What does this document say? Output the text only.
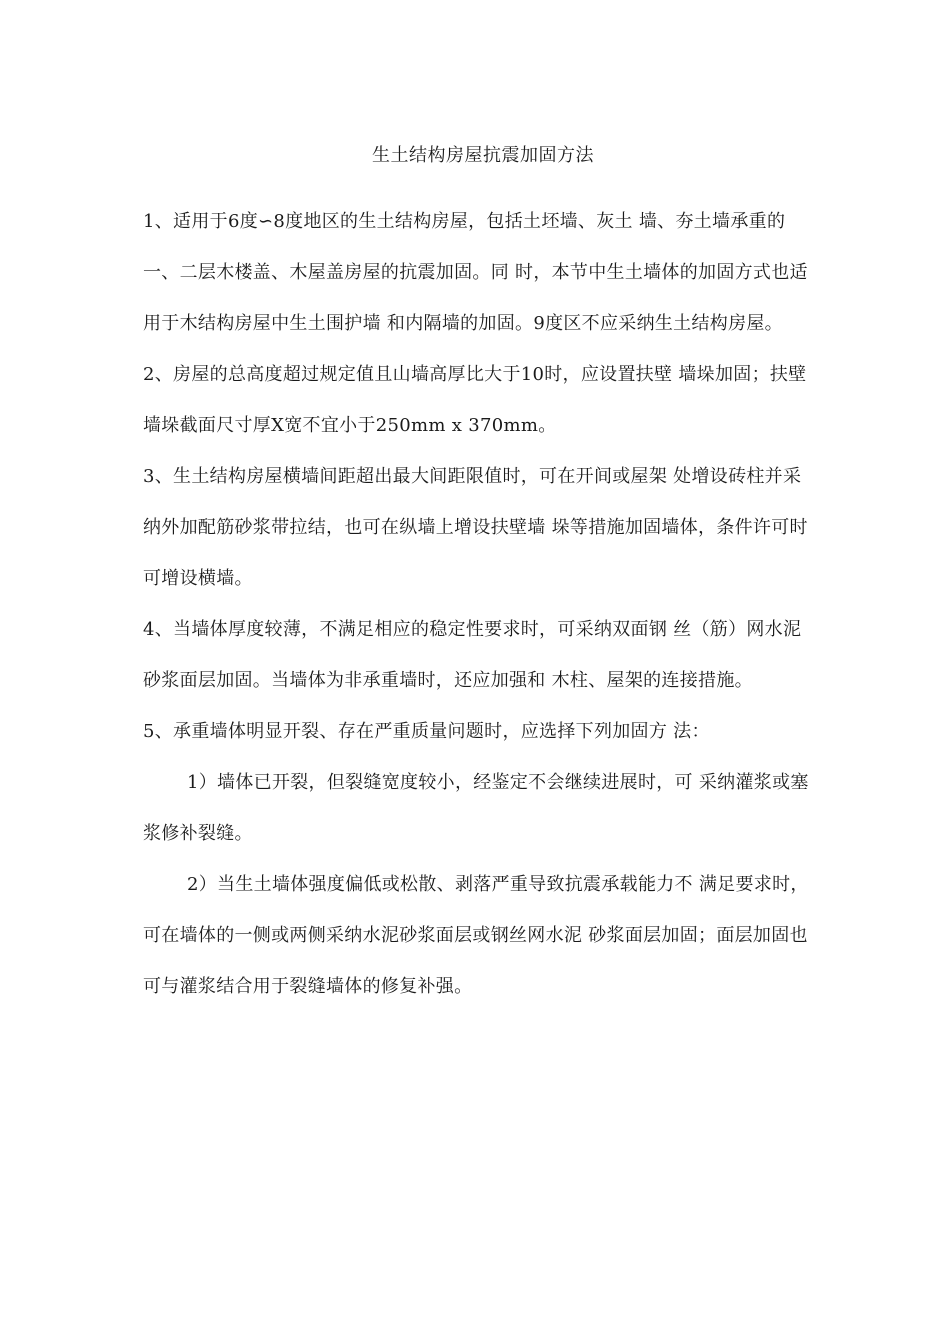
生土结构房屋抗震加固方法

1、适用于6度∽8度地区的生土结构房屋，包括土坯墙、灰土 墙、夯土墙承重的一、二层木楼盖、木屋盖房屋的抗震加固。同 时，本节中生土墙体的加固方式也适用于木结构房屋中生土围护墙 和内隔墙的加固。9度区不应采纳生土结构房屋。

2、房屋的总高度超过规定值且山墙高厚比大于10时，应设置扶壁 墙垛加固；扶壁墙垛截面尺寸厚X宽不宜小于250mm x 370mm。

3、生土结构房屋横墙间距超出最大间距限值时，可在开间或屋架 处增设砖柱并采纳外加配筋砂浆带拉结，也可在纵墙上增设扶壁墙 垛等措施加固墙体，条件许可时可增设横墙。

4、当墙体厚度较薄，不满足相应的稳定性要求时，可采纳双面钢 丝（筋）网水泥砂浆面层加固。当墙体为非承重墙时，还应加强和 木柱、屋架的连接措施。

5、承重墙体明显开裂、存在严重质量问题时，应选择下列加固方 法：

1）墙体已开裂，但裂缝宽度较小，经鉴定不会继续进展时，可 采纳灌浆或塞浆修补裂缝。

2）当生土墙体强度偏低或松散、剥落严重导致抗震承载能力不 满足要求时，可在墙体的一侧或两侧采纳水泥砂浆面层或钢丝网水泥 砂浆面层加固；面层加固也可与灌浆结合用于裂缝墙体的修复补强。
